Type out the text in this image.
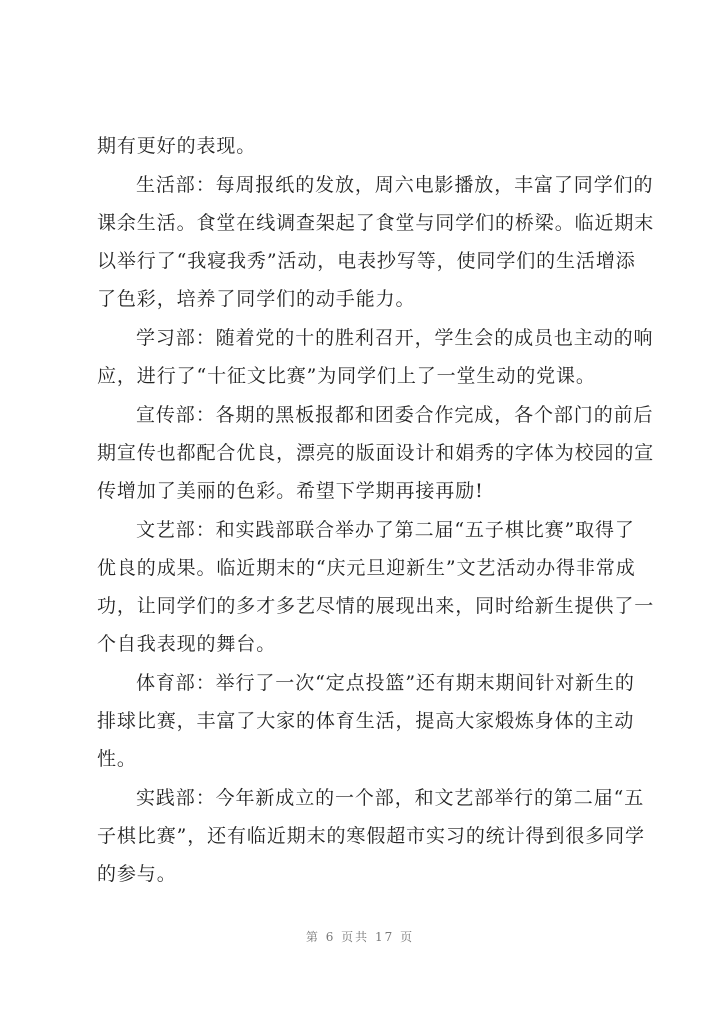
期有更好的表现。
生活部：每周报纸的发放，周六电影播放，丰富了同学们的
课余生活。食堂在线调查架起了食堂与同学们的桥梁。临近期末
以举行了“我寝我秀”活动，电表抄写等，使同学们的生活增添
了色彩，培养了同学们的动手能力。
学习部：随着党的十的胜利召开，学生会的成员也主动的响
应，进行了“十征文比赛”为同学们上了一堂生动的党课。
宣传部：各期的黑板报都和团委合作完成，各个部门的前后
期宣传也都配合优良，漂亮的版面设计和娟秀的字体为校园的宣
传增加了美丽的色彩。希望下学期再接再励!
文艺部：和实践部联合举办了第二届“五子棋比赛”取得了
优良的成果。临近期末的“庆元旦迎新生”文艺活动办得非常成
功，让同学们的多才多艺尽情的展现出来，同时给新生提供了一
个自我表现的舞台。
体育部：举行了一次“定点投篮”还有期末期间针对新生的
排球比赛，丰富了大家的体育生活，提高大家煅炼身体的主动
性。
实践部：今年新成立的一个部，和文艺部举行的第二届“五
子棋比赛”，还有临近期末的寒假超市实习的统计得到很多同学
的参与。
第 6 页共 17 页
